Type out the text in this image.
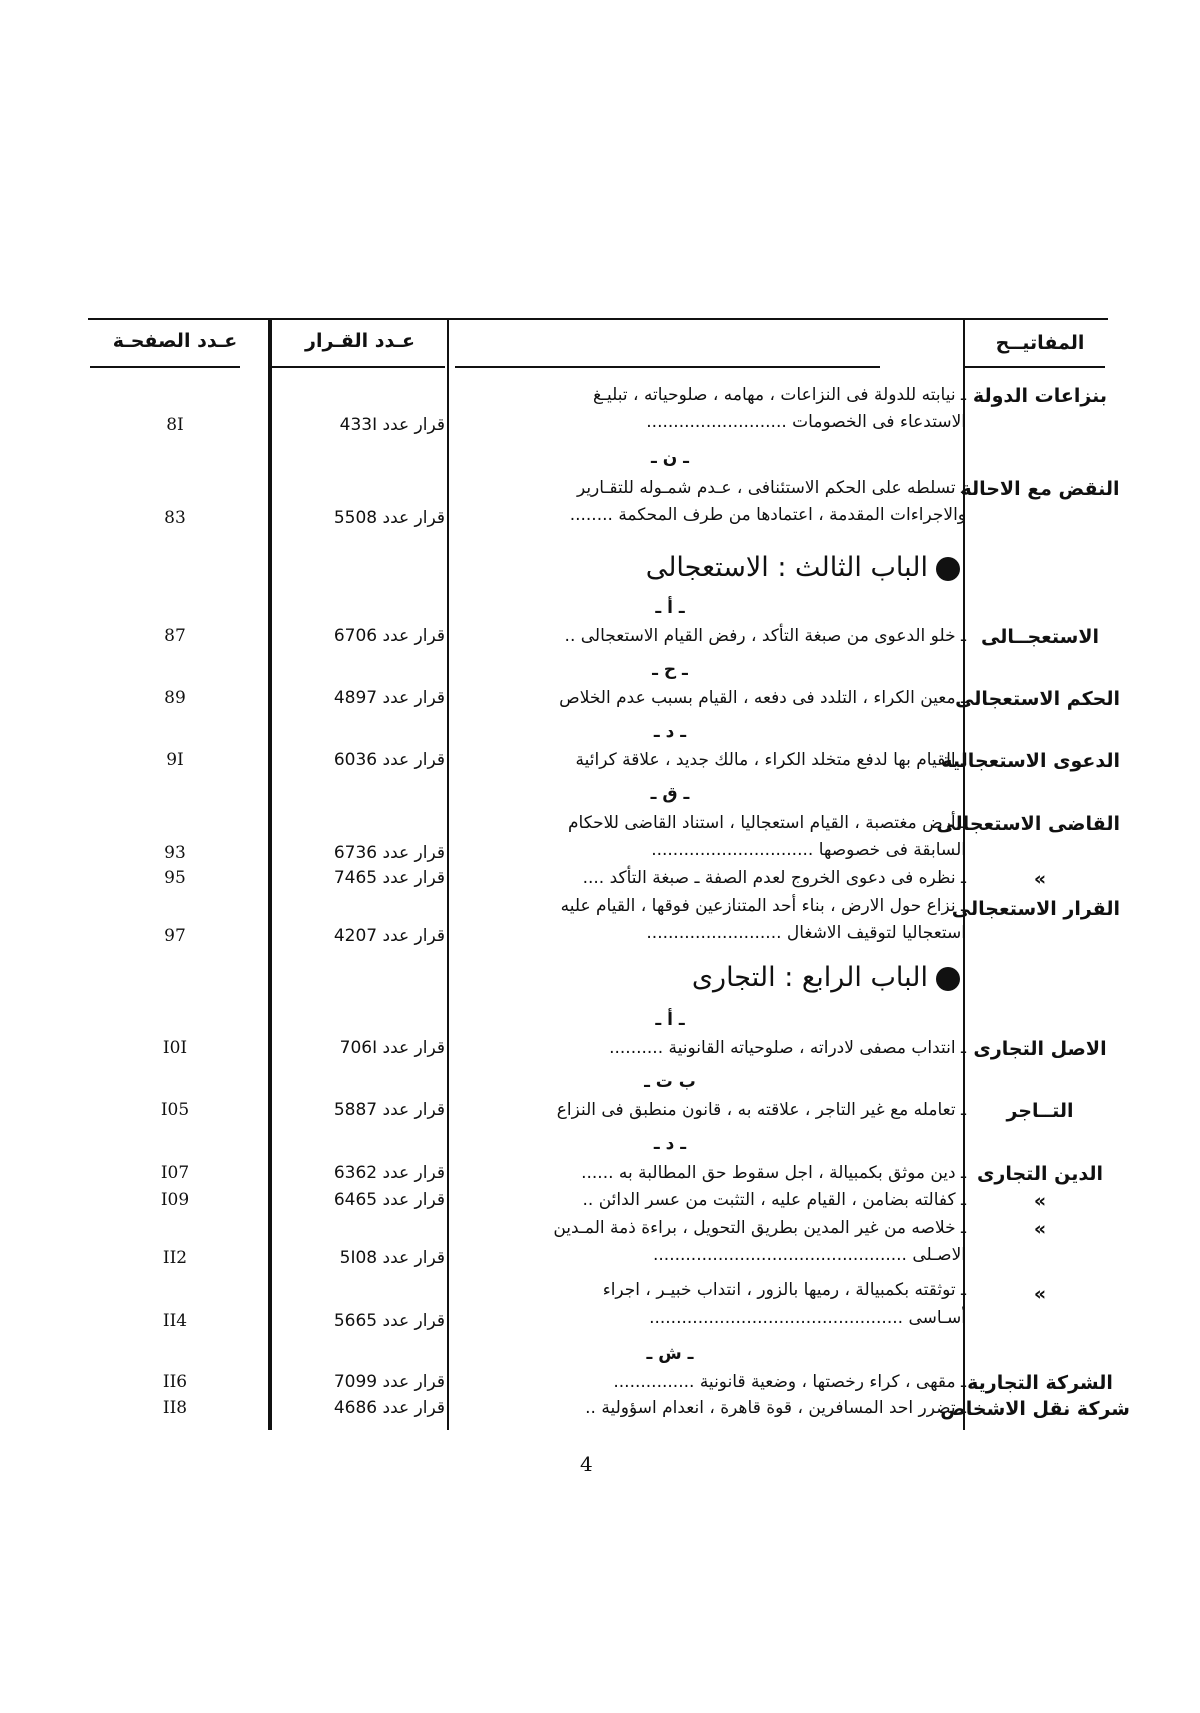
المفاتيــح
عـدد القـرار
عـدد الصفحـة
بنزاعات الدولة
ـ نيابته للدولة فى النزاعات ، مهامه ، صلوحياته ، تبليـغ
الاستدعاء فى الخصومات ..........................
قرار عدد 433I
8I
ـ ن ـ
النقض مع الاحالة
ـ تسلطه على الحكم الاستئنافى ، عـدم شمـوله للتقـارير
والاجراءات المقدمة ، اعتمادها من طرف المحكمة ........
قرار عدد 5508
83
الباب الثالث : الاستعجالى
ـ أ ـ
الاستعجــالى
ـ خلو الدعوى من صبغة التأكد ، رفض القيام الاستعجالى ..
قرار عدد 6706
87
ـ ح ـ
الحكم الاستعجالى
ـ معين الكراء ، التلدد فى دفعه ، القيام بسبب عدم الخلاص
قرار عدد 4897
89
ـ د ـ
الدعوى الاستعجالية
ـ القيام بها لدفع متخلد الكراء ، مالك جديد ، علاقة كرائية
قرار عدد 6036
9I
ـ ق ـ
القاضى الاستعجالى
ـ أرض مغتصبة ، القيام استعجاليا ، استناد القاضى للاحكام
السابقة فى خصوصها ..............................
قرار عدد 6736
93
»
ـ نظره فى دعوى الخروج لعدم الصفة ـ صبغة التأكد ....
قرار عدد 7465
95
القرار الاستعجالى
ـ نزاع حول الارض ، بناء أحد المتنازعين فوقها ، القيام عليه
استعجاليا لتوقيف الاشغال .........................
قرار عدد 4207
97
الباب الرابع : التجارى
ـ أ ـ
الاصل التجارى
ـ انتداب مصفى لادراته ، صلوحياته القانونية ..........
قرار عدد 706I
I0I
ب ت ـ
التــاجر
ـ تعامله مع غير التاجر ، علاقته به ، قانون منطبق فى النزاع
قرار عدد 5887
I05
ـ د ـ
الدين التجارى
ـ دين موثق بكمبيالة ، اجل سقوط حق المطالبة به ......
قرار عدد 6362
I07
»
ـ كفالته بضامن ، القيام عليه ، التثبت من عسر الدائن ..
قرار عدد 6465
I09
»
ـ خلاصه من غير المدين بطريق التحويل ، براءة ذمة المـدين
الاصـلى ...............................................
قرار عدد 5I08
II2
»
ـ توثقته بكمبيالة ، رميها بالزور ، انتداب خبيـر ، اجراء
أسـاسى ...............................................
قرار عدد 5665
II4
ـ ش ـ
الشركة التجارية
ـ مقهى ، كراء رخصتها ، وضعية قانونية ...............
قرار عدد 7099
II6
شركة نقل الاشخاص
ـ تضرر احد المسافرين ، قوة قاهرة ، انعدام اسؤولية ..
قرار عدد 4686
II8
4
